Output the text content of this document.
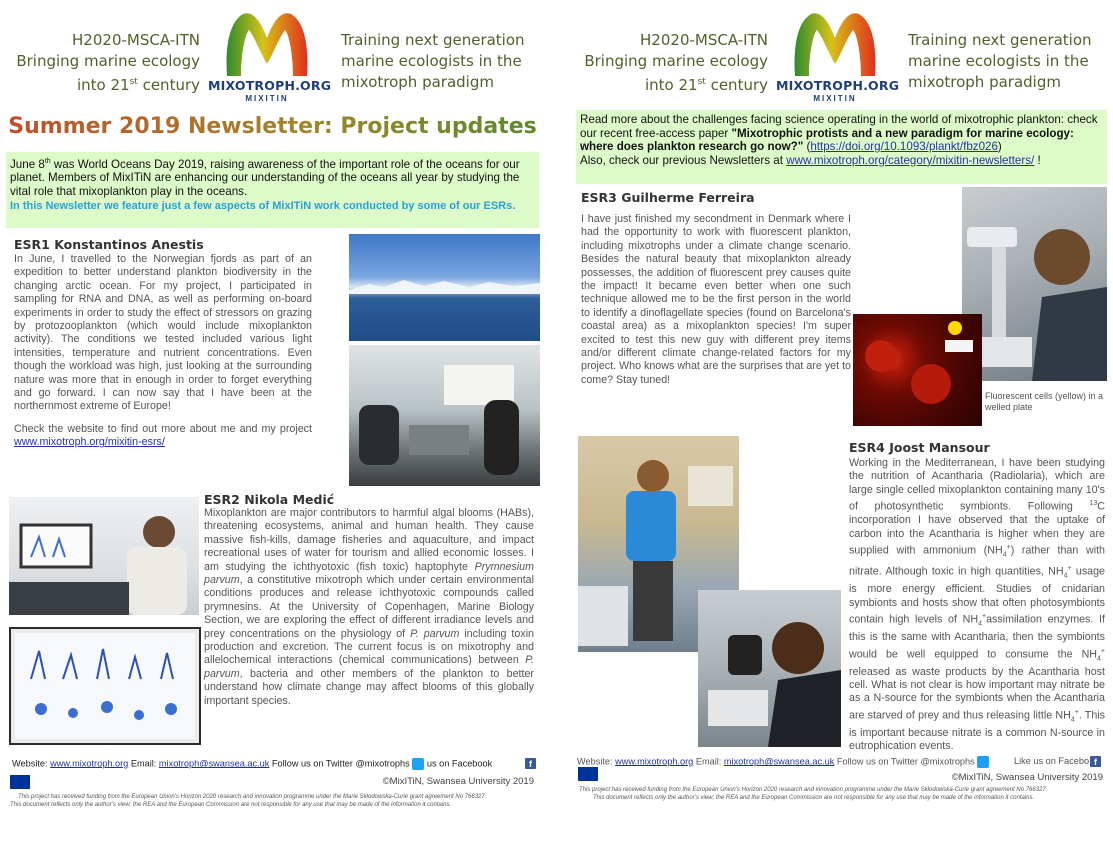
H2020-MSCA-ITN
Bringing marine ecology
into 21st century MIXOTROPH.ORG
MIXITIN
Training next generation
marine ecologists in the
mixotroph paradigm
Summer 2019 Newsletter: Project updates
June 8th was World Oceans Day 2019, raising awareness of the important role of the oceans for our planet. Members of MixITiN are enhancing our understanding of the oceans all year by studying the vital role that mixoplankton play in the oceans.
In this Newsletter we feature just a few aspects of MixITiN work conducted by some of our ESRs.
ESR1 Konstantinos Anestis

In June, I travelled to the Norwegian fjords as part of an expedition to better understand plankton biodiversity in the changing arctic ocean. For my project, I participated in sampling for RNA and DNA, as well as performing on-board experiments in order to study the effect of stressors on grazing by protozooplankton (which would include mixoplankton activity). The conditions we tested included various light intensities, temperature and nutrient concentrations. Even though the workload was high, just looking at the surrounding nature was more that in enough in order to forget everything and go forward. I can now say that I have been at the northernmost extreme of Europe!

Check the website to find out more about me and my project www.mixotroph.org/mixitin-esrs/

ESR2 Nikola Medić
Mixoplankton are major contributors to harmful algal blooms (HABs), threatening ecosystems, animal and human health. They cause massive fish-kills, damage fisheries and aquaculture, and impact recreational uses of water for tourism and allied economic losses. I am studying the ichthyotoxic (fish toxic) haptophyte Prymnesium parvum, a constitutive mixotroph which under certain environmental conditions produces and release ichthyotoxic compounds called prymnesins. At the University of Copenhagen, Marine Biology Section, we are exploring the effect of different irradiance levels and prey concentrations on the physiology of P. parvum including toxin production and excretion. The current focus is on mixotrophy and allelochemical interactions (chemical communications) between P. parvum, bacteria and other members of the plankton to better understand how climate change may affect blooms of this globally important species.
Website: www.mixotroph.org Email: mixotroph@swansea.ac.uk Follow us on Twitter @mixotrophs  us on Facebook	f
©MixITiN, Swansea University 2019
This project has received funding from the European Union's Horizon 2020 research and innovation programme under the Marie Skłodowska-Curie grant agreement No 766327
This document reflects only the author's view; the REA and the European Commission are not responsible for any use that may be made of the information it contains.
H2020-MSCA-ITN
Bringing marine ecology
into 21st century MIXOTROPH.ORG
MIXITIN
Training next generation
marine ecologists in the
mixotroph paradigm
Read more about the challenges facing science operating in the world of mixotrophic plankton: check our recent free-access paper "Mixotrophic protists and a new paradigm for marine ecology: where does plankton research go now?" (https://doi.org/10.1093/plankt/fbz026)
Also, check our previous Newsletters at www.mixotroph.org/category/mixitin-newsletters/ !
ESR3 Guilherme Ferreira
I have just finished my secondment in Denmark where I had the opportunity to work with fluorescent plankton, including mixotrophs under a climate change scenario. Besides the natural beauty that mixoplankton already possesses, the addition of fluorescent prey causes quite the impact! It became even better when one such technique allowed me to be the first person in the world to identify a dinoflagellate species (found on Barcelona's coastal area) as a mixoplankton species! I'm super excited to test this new guy with different prey items and/or different climate change-related factors for my project. Who knows what are the surprises that are yet to come? Stay tuned!
Fluorescent cells (yellow) in a welled plate
ESR4 Joost Mansour
Working in the Mediterranean, I have been studying the nutrition of Acantharia (Radiolaria), which are large single celled mixoplankton containing many 10's of photosynthetic symbionts. Following $^{13}$C incorporation I have observed that the uptake of carbon into the Acantharia is higher when they are supplied with ammonium $(NH_4^+)$ rather than with nitrate. Although toxic in high quantities, $NH_4^+$ usage is more energy efficient. Studies of cnidarian symbionts and hosts show that often photosymbionts contain high levels of $NH_4^+assimilation$ enzymes. If this is the same with Acantharia, then the symbionts would be well equipped to consume the $NH_4^+$ released as waste products by the Acantharia host cell. What is not clear is how important may nitrate be as a N-source for the symbionts when the Acantharia are starved of prey and thus releasing little $NH_4^+$. This is important because nitrate is a common N-source in eutrophication events.
Website: www.mixotroph.org Email: mixotroph@swansea.ac.uk Follow us on Twitter @mixotrophs	Like us on Facebo f
©MixITiN, Swansea University 2019
This project has received funding from the European Union's Horizon 2020 research and innovation programme under the Marie Skłodowska-Curie grant agreement No 766327
This document reflects only the author's view; the REA and the European Commission are not responsible for any use that may be made of the information it contains.
